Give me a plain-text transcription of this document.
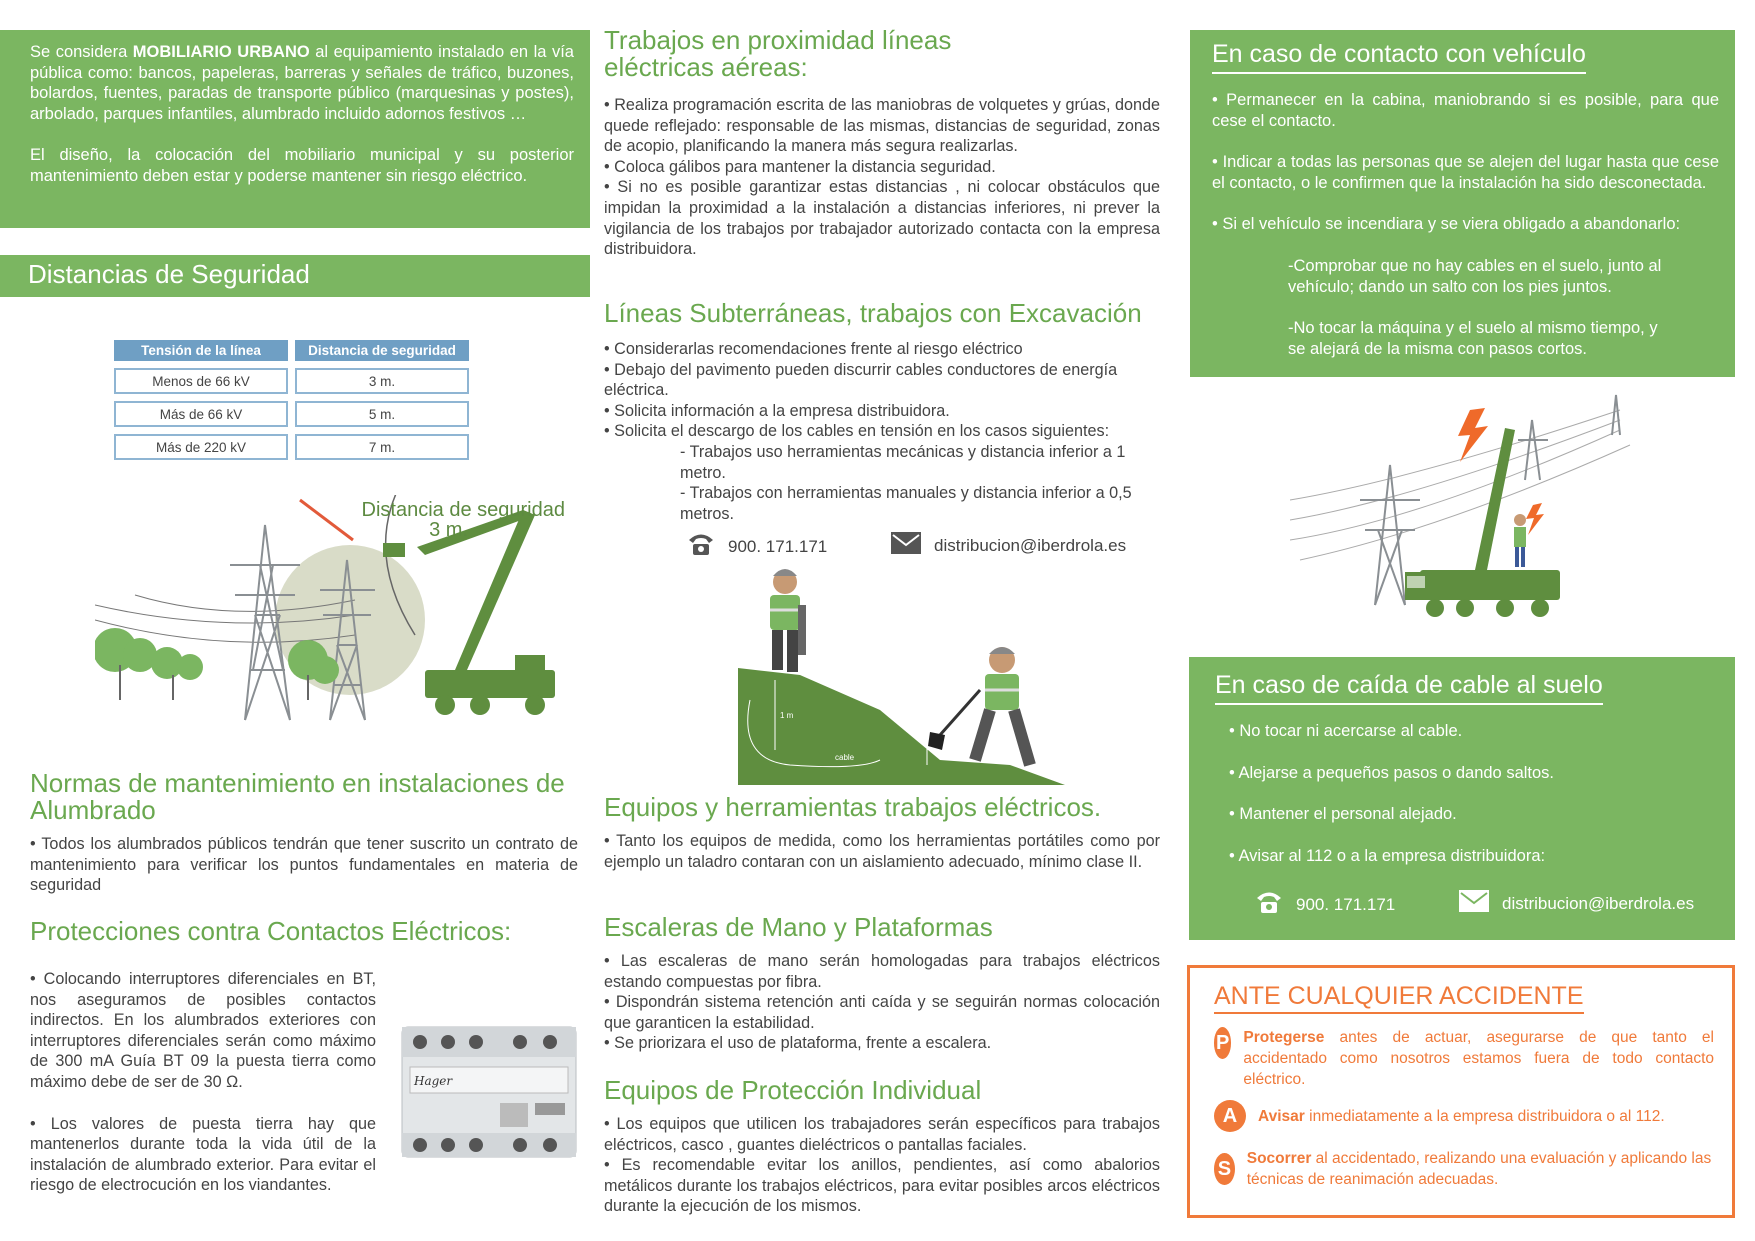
Se considera MOBILIARIO URBANO al equipamiento instalado en la vía pública como: bancos, papeleras, barreras y señales de tráfico, buzones, bolardos, fuentes, paradas de transporte público (marquesinas y postes), arbolado, parques infantiles, alumbrado incluido adornos festivos …

El diseño, la colocación del mobiliario municipal y su posterior mantenimiento deben estar y poderse mantener sin riesgo eléctrico.

Distancias de Seguridad
Tensión de la línea	Distancia de seguridad
Menos de 66 kV	3 m.
Más de 66 kV	5 m.
Más de 220 kV	7 m.
Distancia de seguridad
3 m.
Normas de mantenimiento en instalaciones de Alumbrado

• Todos los alumbrados públicos tendrán que tener suscrito un contrato de mantenimiento para verificar los puntos fundamentales en materia de seguridad

Protecciones contra Contactos Eléctricos:

• Colocando interruptores diferenciales en BT, nos aseguramos de posibles contactos indirectos. En los alumbrados exteriores con interruptores diferenciales serán como máximo de 300 mA Guía BT 09 la puesta tierra como máximo debe de ser de 30 Ω.

• Los valores de puesta tierra hay que mantenerlos durante toda la vida útil de la instalación de alumbrado exterior. Para evitar el riesgo de electrocución en los viandantes.

Hager
Trabajos en proximidad líneas eléctricas aéreas:

• Realiza programación escrita de las maniobras de volquetes y grúas, donde quede reflejado: responsable de las mismas, distancias de seguridad, zonas de acopio, planificando la manera más segura realizarlas.

• Coloca gálibos para mantener la distancia seguridad.

• Si no es posible garantizar estas distancias , ni colocar obstáculos que impidan la proximidad a la instalación a distancias inferiores, ni prever la vigilancia de los trabajos por trabajador autorizado contacta con la empresa distribuidora.

Líneas Subterráneas, trabajos con Excavación

• Considerarlas recomendaciones frente al riesgo eléctrico

• Debajo del pavimento pueden discurrir cables conductores de energía eléctrica.

• Solicita información a la empresa distribuidora.

• Solicita el descargo de los cables en tensión en los casos siguientes:

- Trabajos uso herramientas mecánicas y distancia inferior a 1 metro.

- Trabajos con herramientas manuales y distancia inferior a 0,5 metros.

900. 171.171	distribucion@iberdrola.es
1 m
cable
0.5 m
Equipos y herramientas trabajos eléctricos.

• Tanto los equipos de medida, como los herramientas portátiles como por ejemplo un taladro contaran con un aislamiento adecuado, mínimo clase II.

Escaleras de Mano y Plataformas

• Las escaleras de mano serán homologadas para trabajos eléctricos estando compuestas por fibra.

• Dispondrán sistema retención anti caída y se seguirán normas colocación que garanticen la estabilidad.

• Se priorizara el uso de plataforma, frente a escalera.

Equipos de Protección Individual

• Los equipos que utilicen los trabajadores serán específicos para trabajos eléctricos, casco , guantes dieléctricos o pantallas faciales.

• Es recomendable evitar los anillos, pendientes, así como abalorios metálicos durante los trabajos eléctricos, para evitar posibles arcos eléctricos durante la ejecución de los mismos.

En caso de contacto con vehículo

• Permanecer en la cabina, maniobrando si es posible, para que cese el contacto.

• Indicar a todas las personas que se alejen del lugar hasta que cese el contacto, o le confirmen que la instalación ha sido desconectada.

• Si el vehículo se incendiara y se viera obligado a abandonarlo:

-Comprobar que no hay cables en el suelo, junto al vehículo; dando un salto con los pies juntos.

-No tocar la máquina y el suelo al mismo tiempo, y se alejará de la misma con pasos cortos.

En caso de caída de cable al suelo

• No tocar ni acercarse al cable.

• Alejarse a pequeños pasos o dando saltos.

• Mantener el personal alejado.

• Avisar al 112 o a la empresa distribuidora:

900. 171.171	distribucion@iberdrola.es
ANTE CUALQUIER ACCIDENTE
P Protegerse antes de actuar, asegurarse de que tanto el accidentado como nosotros estamos fuera de todo contacto eléctrico.
A	Avisar inmediatamente a la empresa distribuidora o al 112.
S Socorrer al accidentado, realizando una evaluación y aplicando las técnicas de reanimación adecuadas.
